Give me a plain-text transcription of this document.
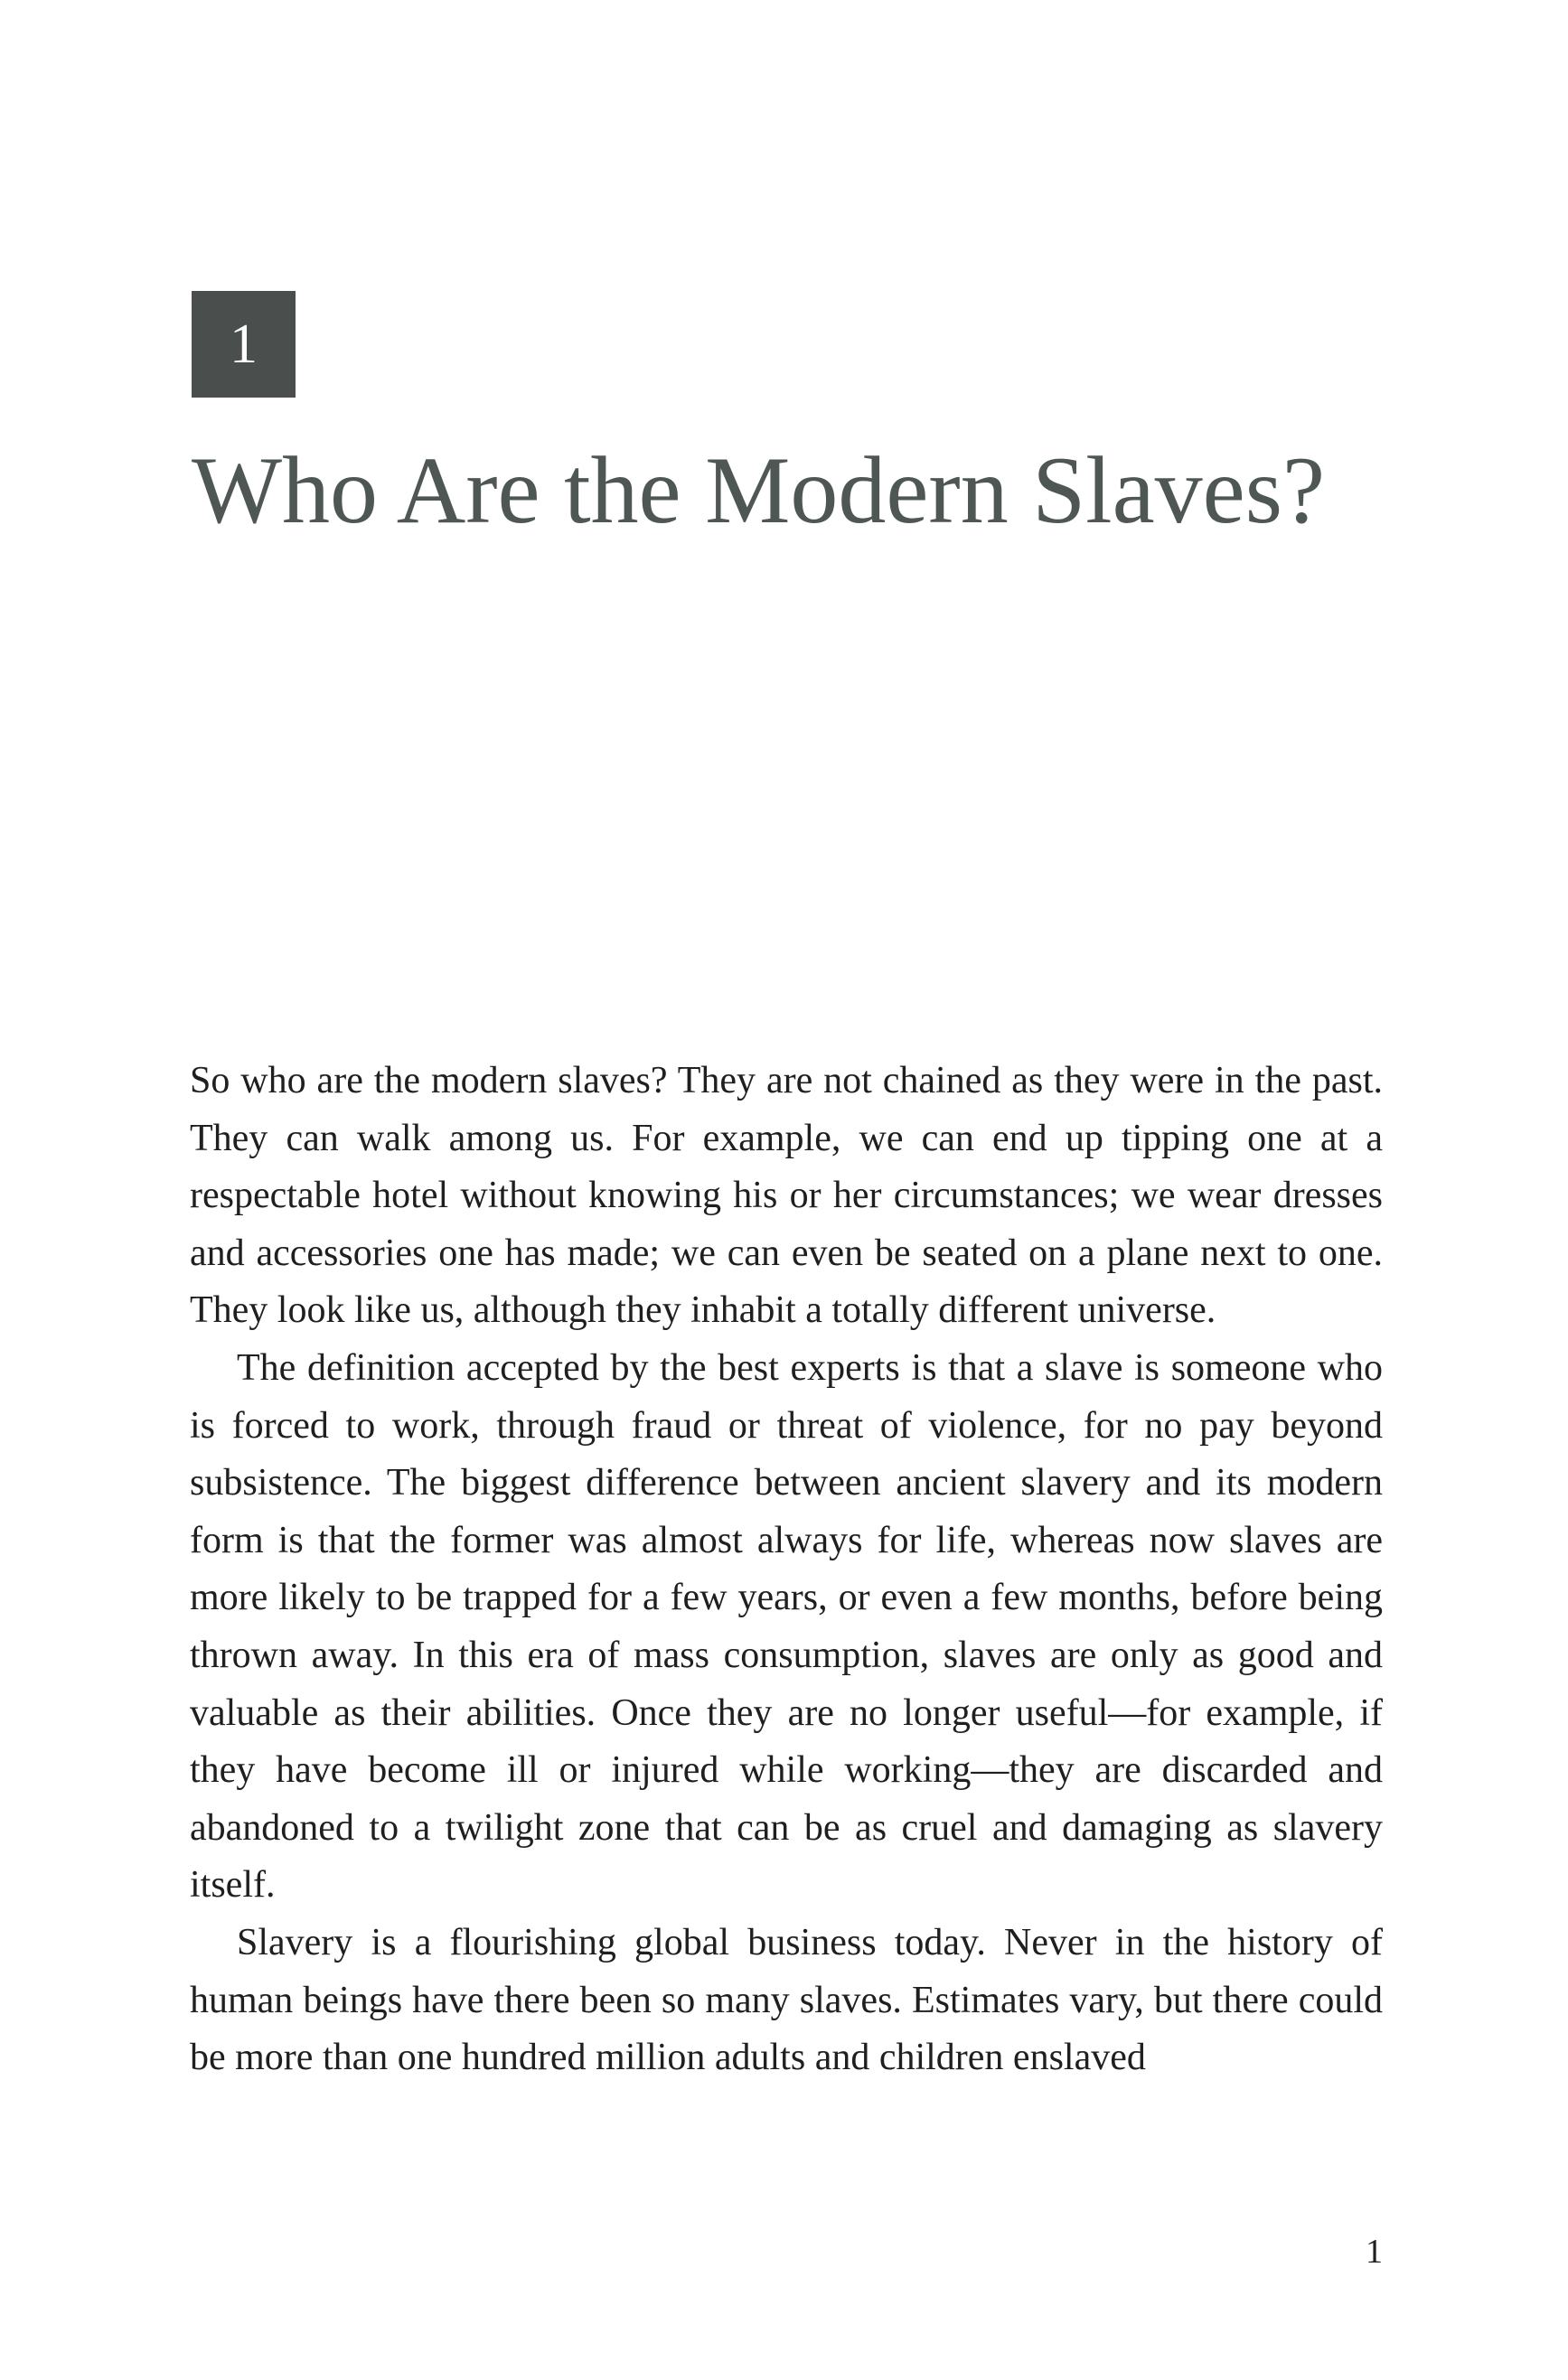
1
Who Are the Modern Slaves?

So who are the modern slaves? They are not chained as they were in the past. They can walk among us. For example, we can end up tipping one at a respectable hotel without knowing his or her circumstances; we wear dresses and accessories one has made; we can even be seated on a plane next to one. They look like us, although they inhabit a totally different universe.

The definition accepted by the best experts is that a slave is someone who is forced to work, through fraud or threat of violence, for no pay beyond subsistence. The biggest difference between ancient slavery and its modern form is that the former was almost always for life, whereas now slaves are more likely to be trapped for a few years, or even a few months, before being thrown away. In this era of mass consumption, slaves are only as good and valuable as their abilities. Once they are no longer useful—for example, if they have become ill or injured while working—they are discarded and abandoned to a twilight zone that can be as cruel and damaging as slavery itself.

Slavery is a flourishing global business today. Never in the history of human beings have there been so many slaves. Estimates vary, but there could be more than one hundred million adults and children enslaved

1
